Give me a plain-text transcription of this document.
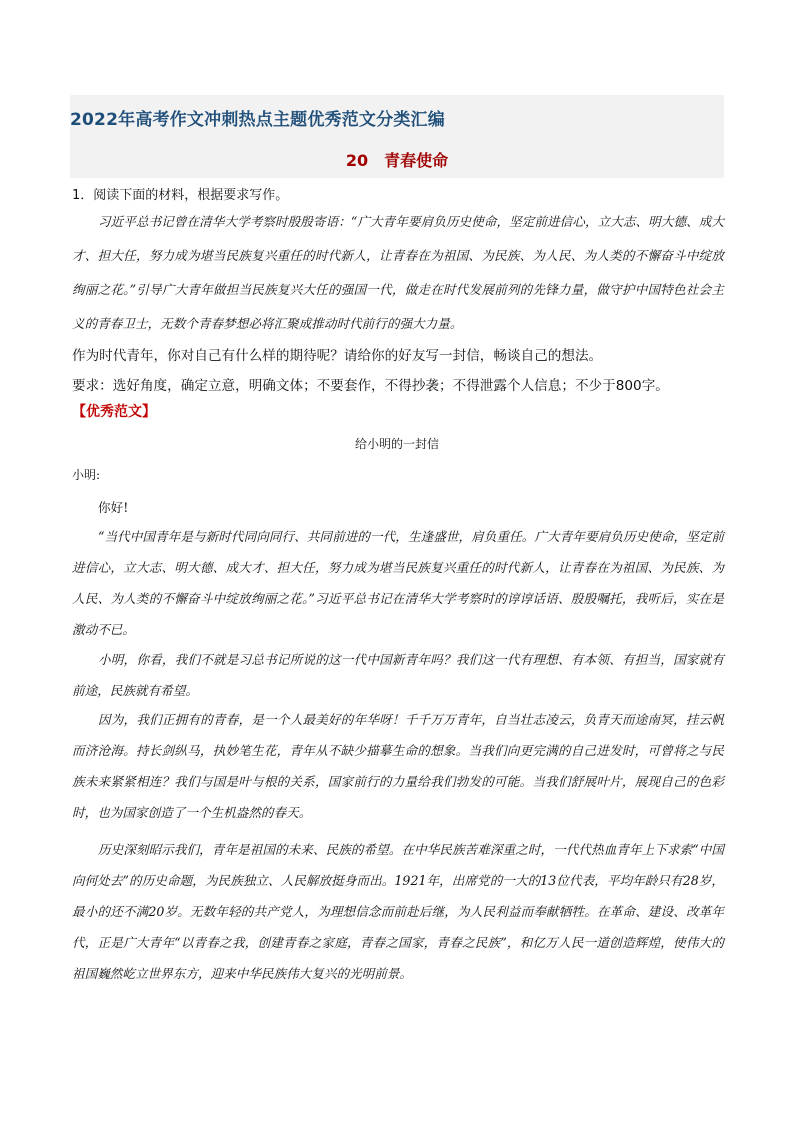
2022年高考作文冲刺热点主题优秀范文分类汇编
20　青春使命
1．阅读下面的材料，根据要求写作。
习近平总书记曾在清华大学考察时殷殷寄语：“广大青年要肩负历史使命，坚定前进信心，立大志、明大德、成大才、担大任，努力成为堪当民族复兴重任的时代新人，让青春在为祖国、为民族、为人民、为人类的不懈奋斗中绽放绚丽之花。”引导广大青年做担当民族复兴大任的强国一代，做走在时代发展前列的先锋力量，做守护中国特色社会主义的青春卫士，无数个青春梦想必将汇聚成推动时代前行的强大力量。
作为时代青年，你对自己有什么样的期待呢？请给你的好友写一封信，畅谈自己的想法。
要求：选好角度，确定立意，明确文体；不要套作，不得抄袭；不得泄露个人信息；不少于800字。
【优秀范文】
给小明的一封信
小明:
你好!
“当代中国青年是与新时代同向同行、共同前进的一代，生逢盛世，肩负重任。广大青年要肩负历史使命，坚定前进信心，立大志、明大德、成大才、担大任，努力成为堪当民族复兴重任的时代新人，让青春在为祖国、为民族、为人民、为人类的不懈奋斗中绽放绚丽之花。”习近平总书记在清华大学考察时的谆谆话语、殷殷嘱托，我听后，实在是激动不已。
小明，你看，我们不就是习总书记所说的这一代中国新青年吗？我们这一代有理想、有本领、有担当，国家就有前途，民族就有希望。
因为，我们正拥有的青春，是一个人最美好的年华呀！千千万万青年，自当壮志凌云，负青天而途南冥，挂云帆而济沧海。持长剑纵马，执妙笔生花，青年从不缺少描摹生命的想象。当我们向更完满的自己进发时，可曾将之与民族未来紧紧相连？我们与国是叶与根的关系，国家前行的力量给我们勃发的可能。当我们舒展叶片，展现自己的色彩时，也为国家创造了一个生机盎然的春天。
历史深刻昭示我们，青年是祖国的未来、民族的希望。在中华民族苦难深重之时，一代代热血青年上下求索“中国向何处去”的历史命题，为民族独立、人民解放挺身而出。1921年，出席党的一大的13位代表，平均年龄只有28岁，最小的还不满20岁。无数年轻的共产党人，为理想信念而前赴后继，为人民利益而奉献牺牲。在革命、建设、改革年代，正是广大青年“以青春之我，创建青春之家庭，青春之国家，青春之民族”，和亿万人民一道创造辉煌，使伟大的祖国巍然屹立世界东方，迎来中华民族伟大复兴的光明前景。
